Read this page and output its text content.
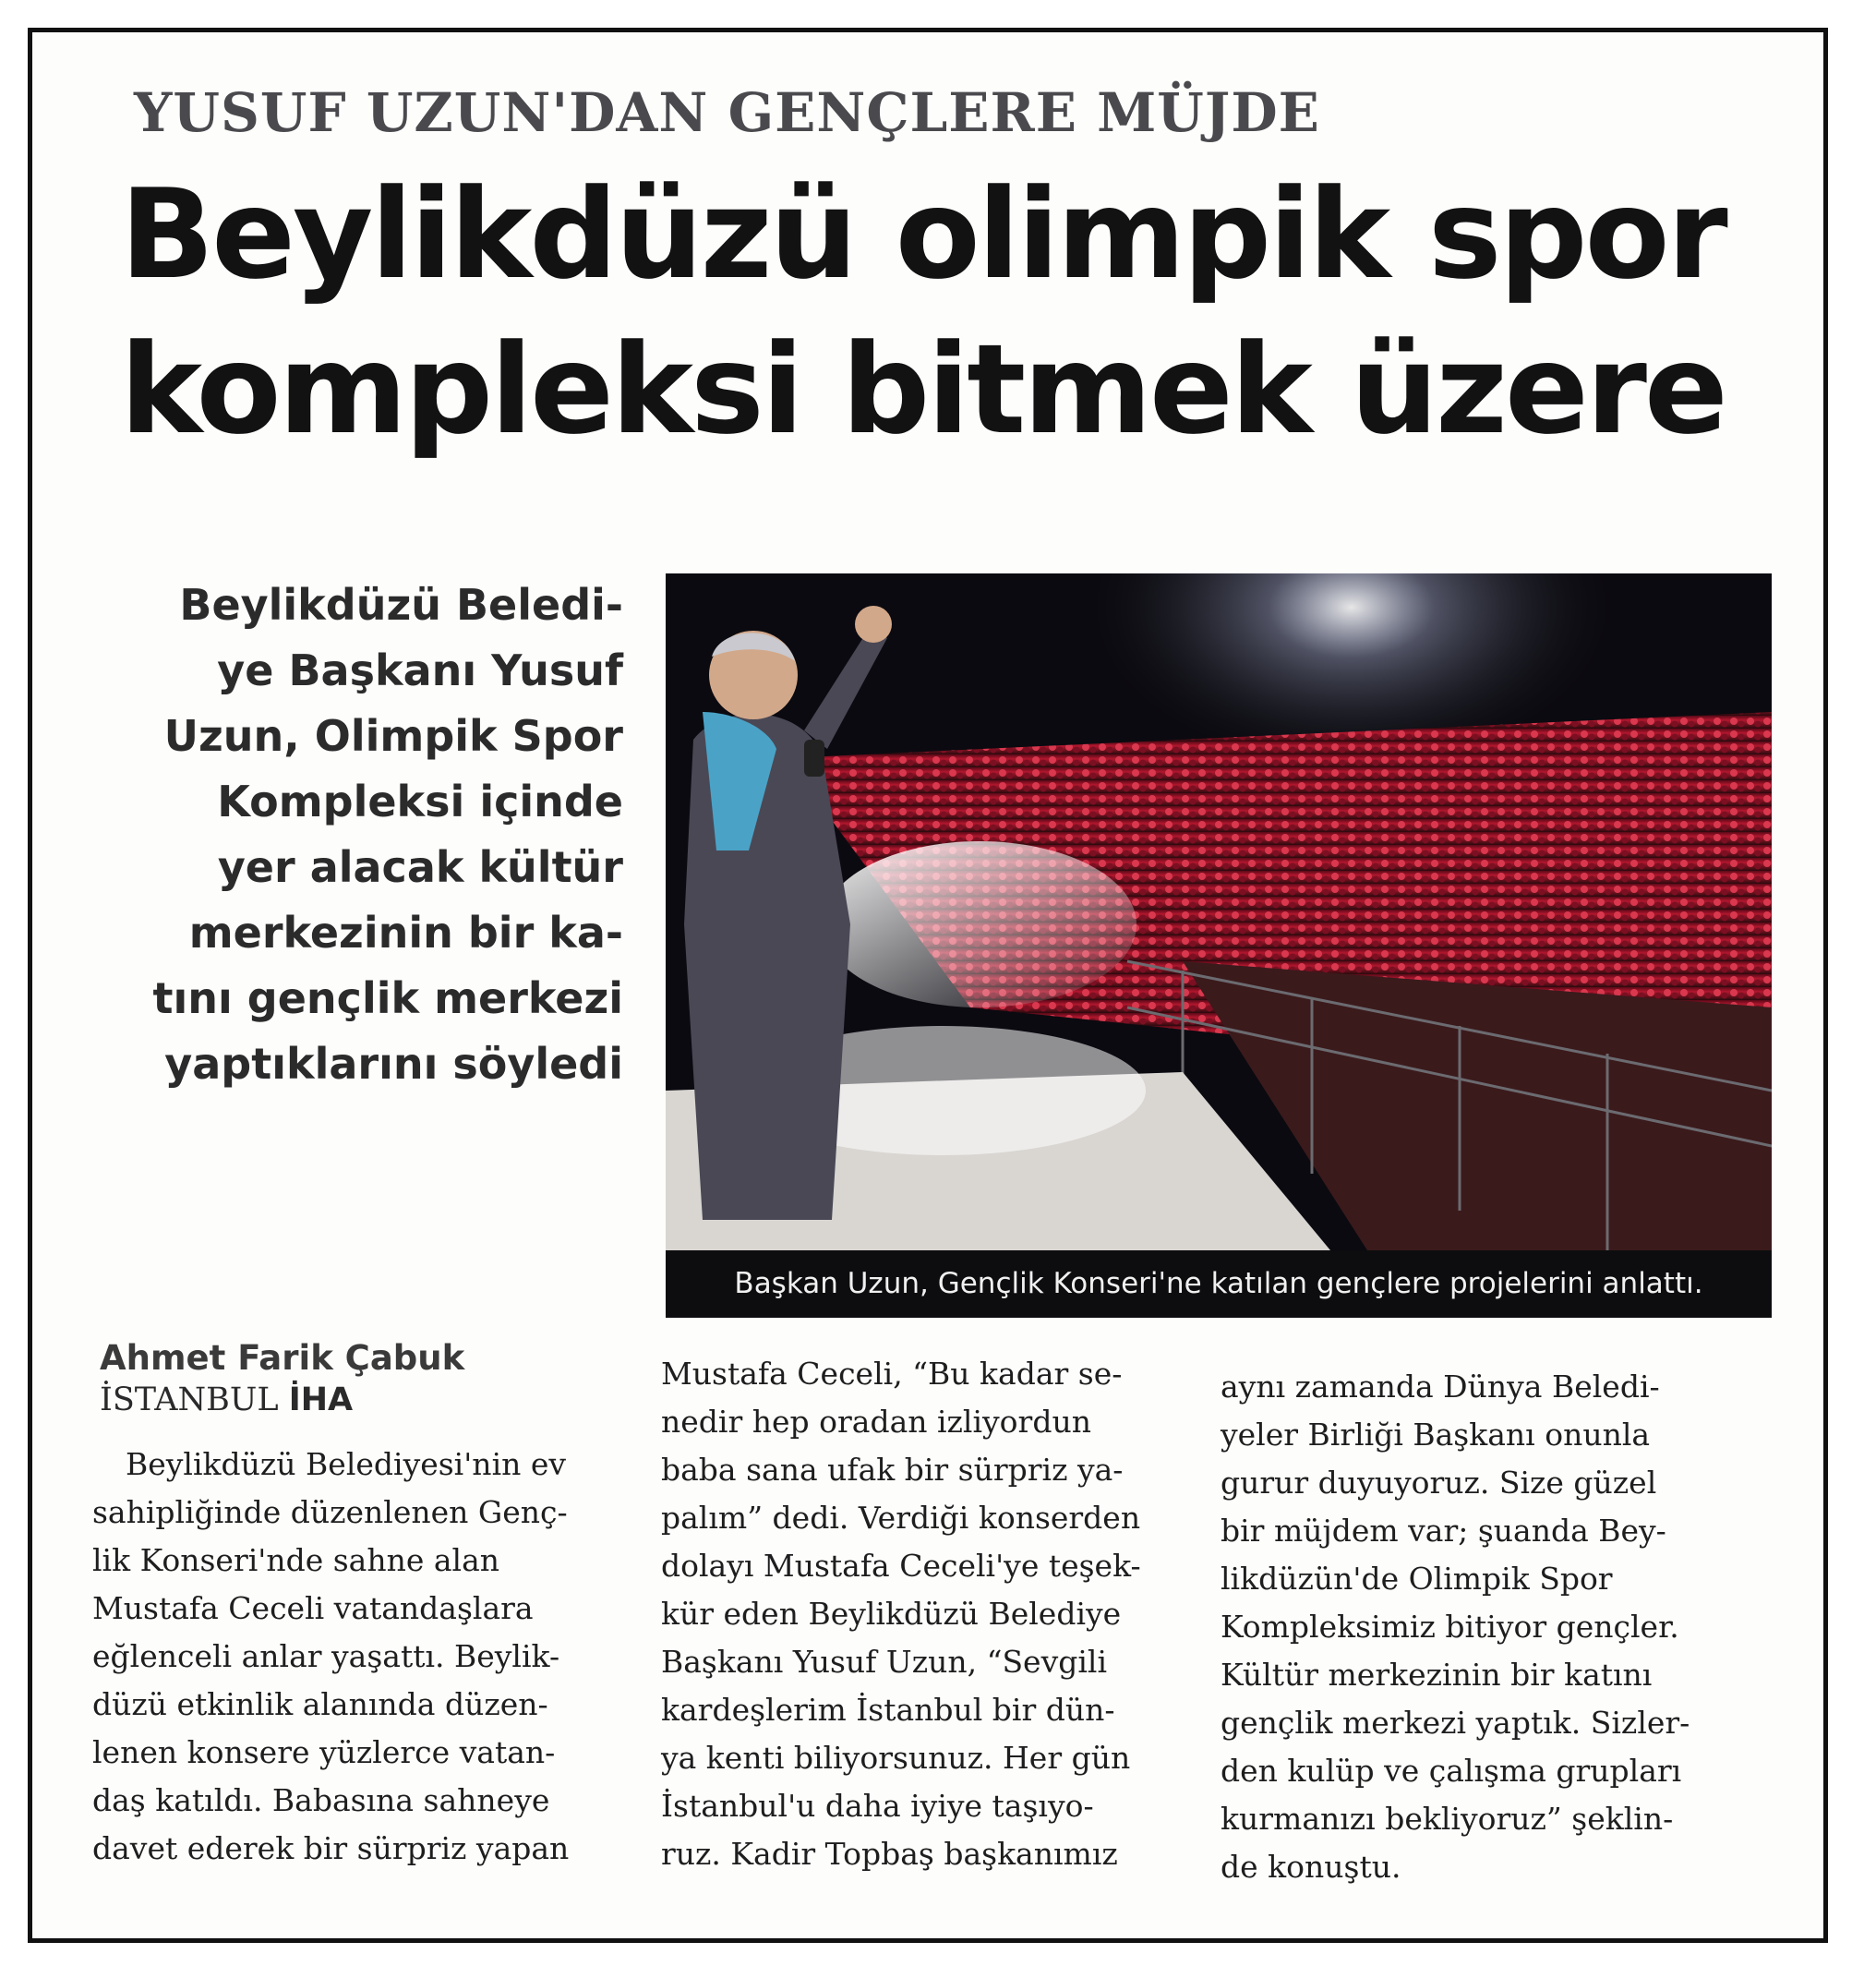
YUSUF UZUN'DAN GENÇLERE MÜJDE
Beylikdüzü olimpik spor
kompleksi bitmek üzere
Beylikdüzü Beledi-
ye Başkanı Yusuf
Uzun, Olimpik Spor
Kompleksi içinde
yer alacak kültür
merkezinin bir ka-
tını gençlik merkezi
yaptıklarını söyledi
Başkan Uzun, Gençlik Konseri'ne katılan gençlere projelerini anlattı.
Ahmet Farik Çabuk
İSTANBUL İHA
Beylikdüzü Belediyesi'nin ev
sahipliğinde düzenlenen Genç-
lik Konseri'nde sahne alan
Mustafa Ceceli vatandaşlara
eğlenceli anlar yaşattı. Beylik-
düzü etkinlik alanında düzen-
lenen konsere yüzlerce vatan-
daş katıldı. Babasına sahneye
davet ederek bir sürpriz yapan
Mustafa Ceceli, “Bu kadar se-
nedir hep oradan izliyordun
baba sana ufak bir sürpriz ya-
palım” dedi. Verdiği konserden
dolayı Mustafa Ceceli'ye teşek-
kür eden Beylikdüzü Belediye
Başkanı Yusuf Uzun, “Sevgili
kardeşlerim İstanbul bir dün-
ya kenti biliyorsunuz. Her gün
İstanbul'u daha iyiye taşıyo-
ruz. Kadir Topbaş başkanımız
aynı zamanda Dünya Beledi-
yeler Birliği Başkanı onunla
gurur duyuyoruz. Size güzel
bir müjdem var; şuanda Bey-
likdüzün'de Olimpik Spor
Kompleksimiz bitiyor gençler.
Kültür merkezinin bir katını
gençlik merkezi yaptık. Sizler-
den kulüp ve çalışma grupları
kurmanızı bekliyoruz” şeklin-
de konuştu.
